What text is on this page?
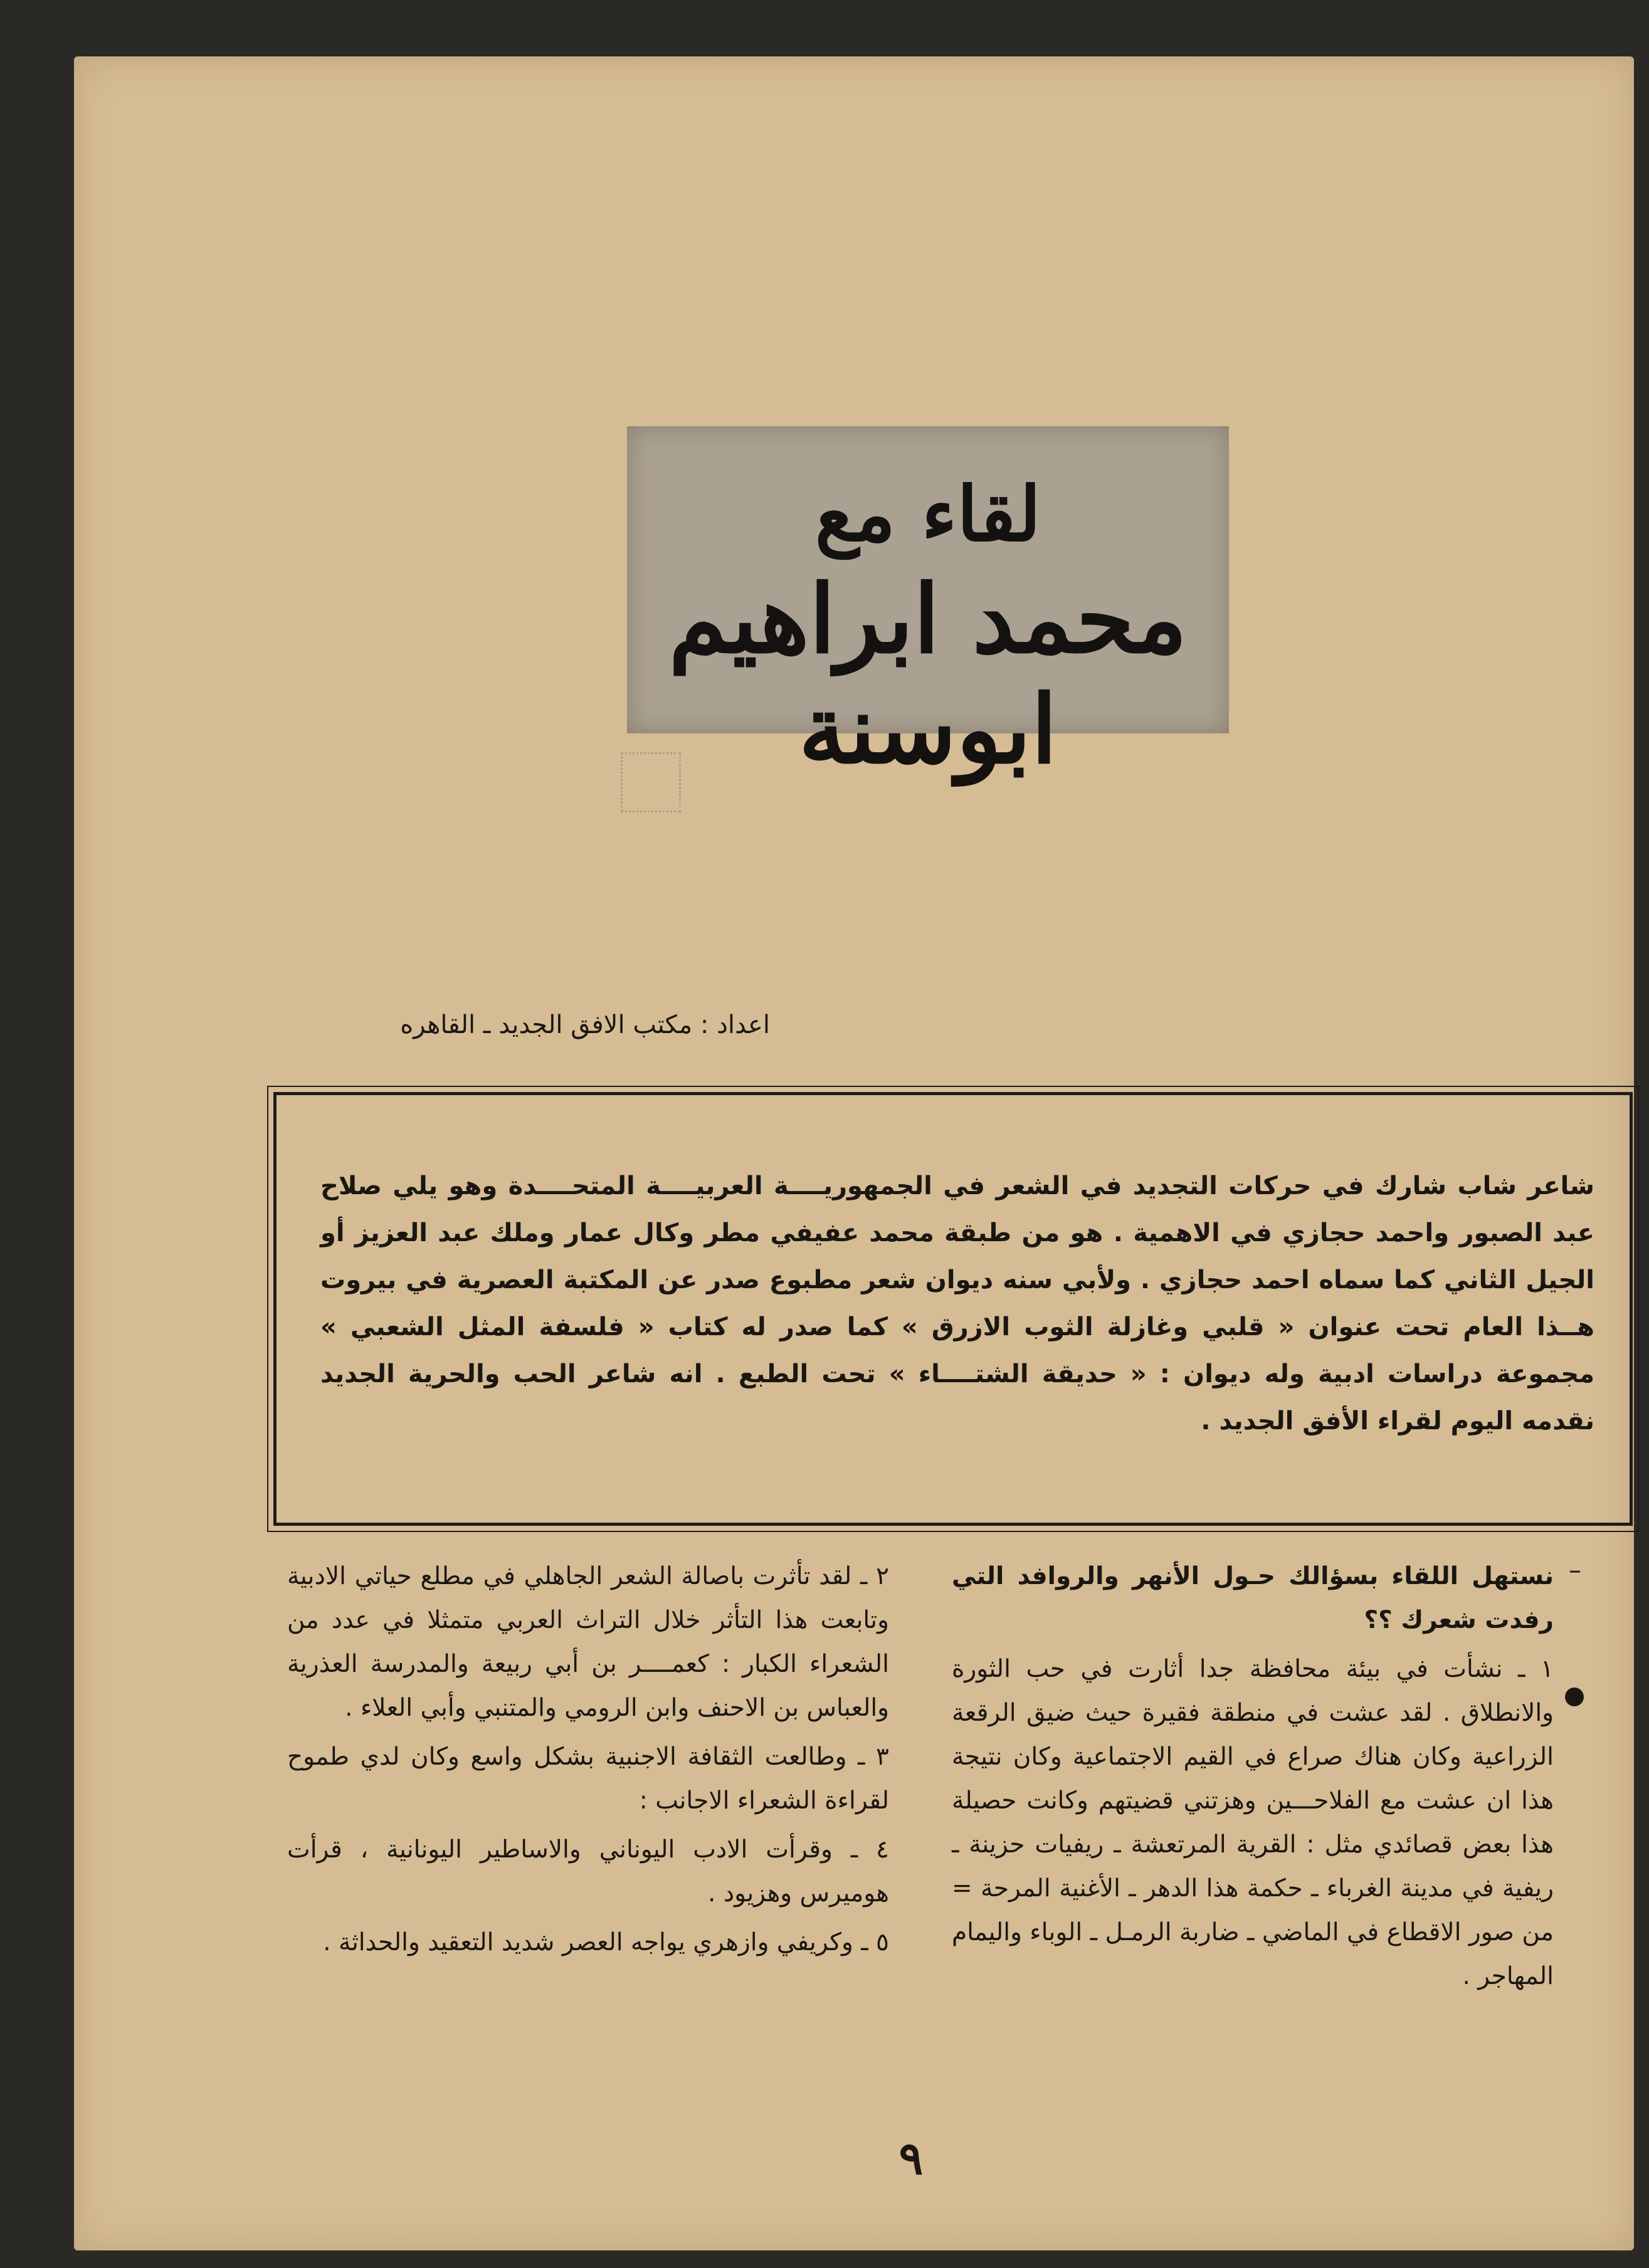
لقاء مع
محمد ابراهيم ابوسنة
اعداد : مكتب الافق الجديد ـ القاهره
شاعر شاب شارك في حركات التجديد في الشعر في الجمهوريــــة العربيــــة المتحــــدة وهو يلي صلاح عبد الصبور واحمد حجازي في الاهمية . هو من طبقة محمد عفيفي مطر وكال عمار وملك عبد العزيز أو الجيل الثاني كما سماه احمد حجازي . ولأبي سنه ديوان شعر مطبوع صدر عن المكتبة العصرية في بيروت هــذا العام تحت عنوان « قلبي وغازلة الثوب الازرق » كما صدر له كتاب « فلسفة المثل الشعبي » مجموعة دراسات ادبية وله ديوان : « حديقة الشتــــاء » تحت الطبع . انه شاعر الحب والحرية الجديد نقدمه اليوم لقراء الأفق الجديد .
–

نستهل اللقاء بسؤالك حـول الأنهر والروافد التي رفدت شعرك ؟؟

١ ـ نشأت في بيئة محافظة جدا أثارت في حب الثورة والانطلاق . لقد عشت في منطقة فقيرة حيث ضيق الرقعة الزراعية وكان هناك صراع في القيم الاجتماعية وكان نتيجة هذا ان عشت مع الفلاحـــين وهزتني قضيتهم وكانت حصيلة هذا بعض قصائدي مثل : القرية المرتعشة ـ ريفيات حزينة ـ ريفية في مدينة الغرباء ـ حكمة هذا الدهر ـ الأغنية المرحة = من صور الاقطاع في الماضي ـ ضاربة الرمـل ـ الوباء واليمام المهاجر .

٢ ـ لقد تأثرت باصالة الشعر الجاهلي في مطلع حياتي الادبية وتابعت هذا التأثر خلال التراث العربي متمثلا في عدد من الشعراء الكبار : كعمــــر بن أبي ربيعة والمدرسة العذرية والعباس بن الاحنف وابن الرومي والمتنبي وأبي العلاء .

٣ ـ وطالعت الثقافة الاجنبية بشكل واسع وكان لدي طموح لقراءة الشعراء الاجانب :

٤ ـ وقرأت الادب اليوناني والاساطير اليونانية ، قرأت هوميرس وهزيود .

٥ ـ وكريفي وازهري يواجه العصر شديد التعقيد والحداثة .

٩
